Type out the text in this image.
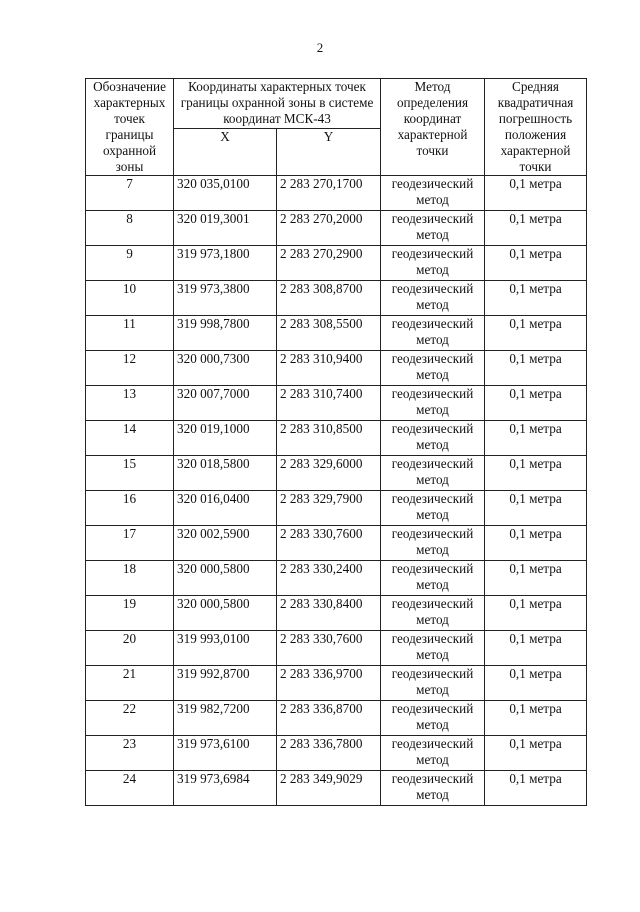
2
Обозначение характерных точек границы охранной зоны	Координаты характерных точек границы охранной зоны в системе координат МСК-43		Метод определения координат характерной точки	Средняя квадратичная погрешность положения характерной точки
	X	Y		
7	320 035,0100	2 283 270,1700	геодезический метод	0,1 метра
8	320 019,3001	2 283 270,2000	геодезический метод	0,1 метра
9	319 973,1800	2 283 270,2900	геодезический метод	0,1 метра
10	319 973,3800	2 283 308,8700	геодезический метод	0,1 метра
11	319 998,7800	2 283 308,5500	геодезический метод	0,1 метра
12	320 000,7300	2 283 310,9400	геодезический метод	0,1 метра
13	320 007,7000	2 283 310,7400	геодезический метод	0,1 метра
14	320 019,1000	2 283 310,8500	геодезический метод	0,1 метра
15	320 018,5800	2 283 329,6000	геодезический метод	0,1 метра
16	320 016,0400	2 283 329,7900	геодезический метод	0,1 метра
17	320 002,5900	2 283 330,7600	геодезический метод	0,1 метра
18	320 000,5800	2 283 330,2400	геодезический метод	0,1 метра
19	320 000,5800	2 283 330,8400	геодезический метод	0,1 метра
20	319 993,0100	2 283 330,7600	геодезический метод	0,1 метра
21	319 992,8700	2 283 336,9700	геодезический метод	0,1 метра
22	319 982,7200	2 283 336,8700	геодезический метод	0,1 метра
23	319 973,6100	2 283 336,7800	геодезический метод	0,1 метра
24	319 973,6984	2 283 349,9029	геодезический метод	0,1 метра
